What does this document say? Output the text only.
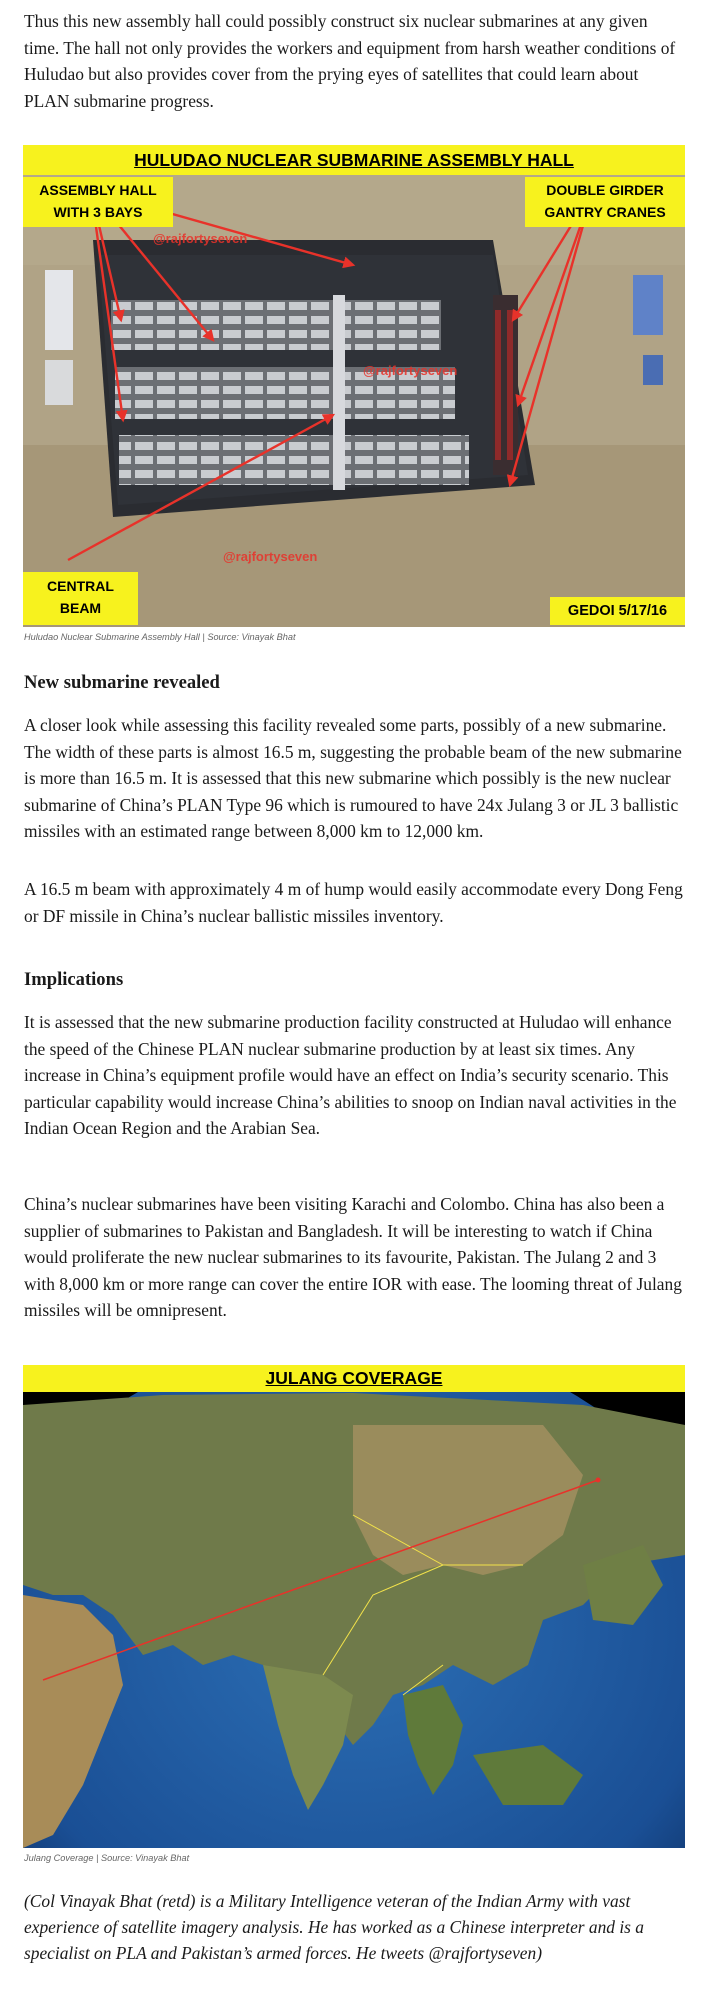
Thus this new assembly hall could possibly construct six nuclear submarines at any given time. The hall not only provides the workers and equipment from harsh weather conditions of Huludao but also provides cover from the prying eyes of satellites that could learn about PLAN submarine progress.

HULUDAO NUCLEAR SUBMARINE ASSEMBLY HALL
ASSEMBLY HALL
WITH 3 BAYS
DOUBLE GIRDER
GANTRY CRANES
CENTRAL
BEAM	GEDOI 5/17/16
@rajfortyseven
@rajfortyseven
@rajfortyseven

Huludao Nuclear Submarine Assembly Hall | Source: Vinayak Bhat

New submarine revealed

A closer look while assessing this facility revealed some parts, possibly of a new submarine. The width of these parts is almost 16.5 m, suggesting the probable beam of the new submarine is more than 16.5 m. It is assessed that this new submarine which possibly is the new nuclear submarine of China’s PLAN Type 96 which is rumoured to have 24x Julang 3 or JL 3 ballistic missiles with an estimated range between 8,000 km to 12,000 km.

A 16.5 m beam with approximately 4 m of hump would easily accommodate every Dong Feng or DF missile in China’s nuclear ballistic missiles inventory.

Implications

It is assessed that the new submarine production facility constructed at Huludao will enhance the speed of the Chinese PLAN nuclear submarine production by at least six times. Any increase in China’s equipment profile would have an effect on India’s security scenario. This particular capability would increase China’s abilities to snoop on Indian naval activities in the Indian Ocean Region and the Arabian Sea.

China’s nuclear submarines have been visiting Karachi and Colombo. China has also been a supplier of submarines to Pakistan and Bangladesh. It will be interesting to watch if China would proliferate the new nuclear submarines to its favourite, Pakistan. The Julang 2 and 3 with 8,000 km or more range can cover the entire IOR with ease. The looming threat of Julang missiles will be omnipresent.

JULANG COVERAGE

Julang Coverage | Source: Vinayak Bhat

(Col Vinayak Bhat (retd) is a Military Intelligence veteran of the Indian Army with vast experience of satellite imagery analysis. He has worked as a Chinese interpreter and is a specialist on PLA and Pakistan’s armed forces. He tweets @rajfortyseven)
